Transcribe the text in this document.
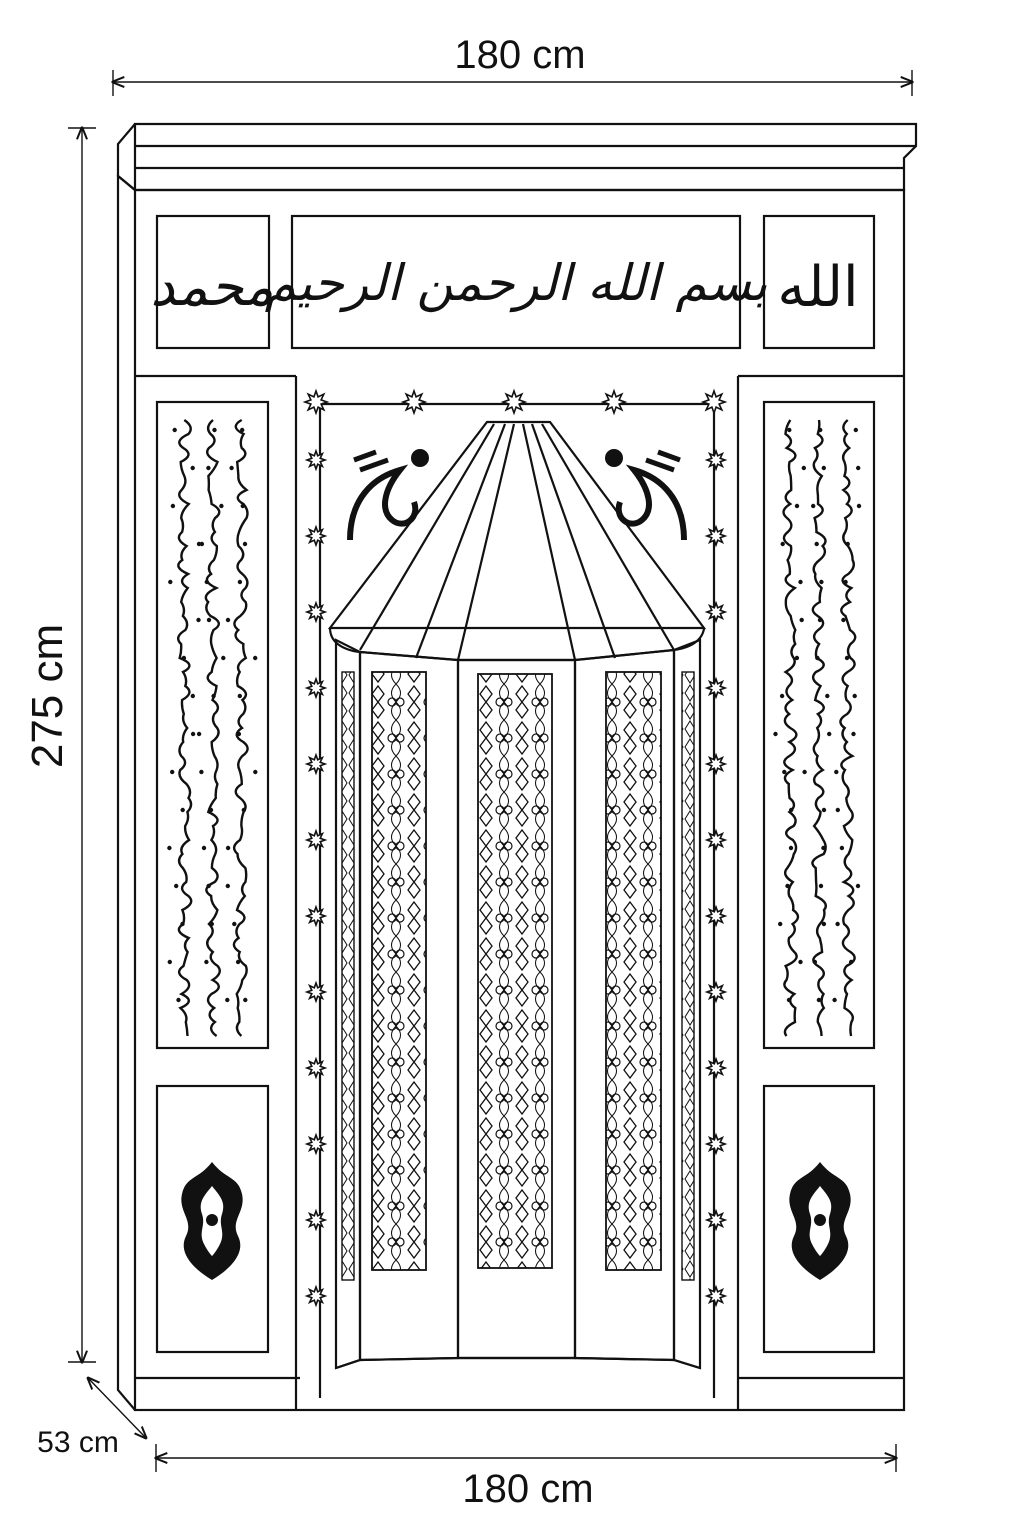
180 cm
275 cm
53 cm
180 cm
محمد
بسم الله الرحمن الرحيم الله
